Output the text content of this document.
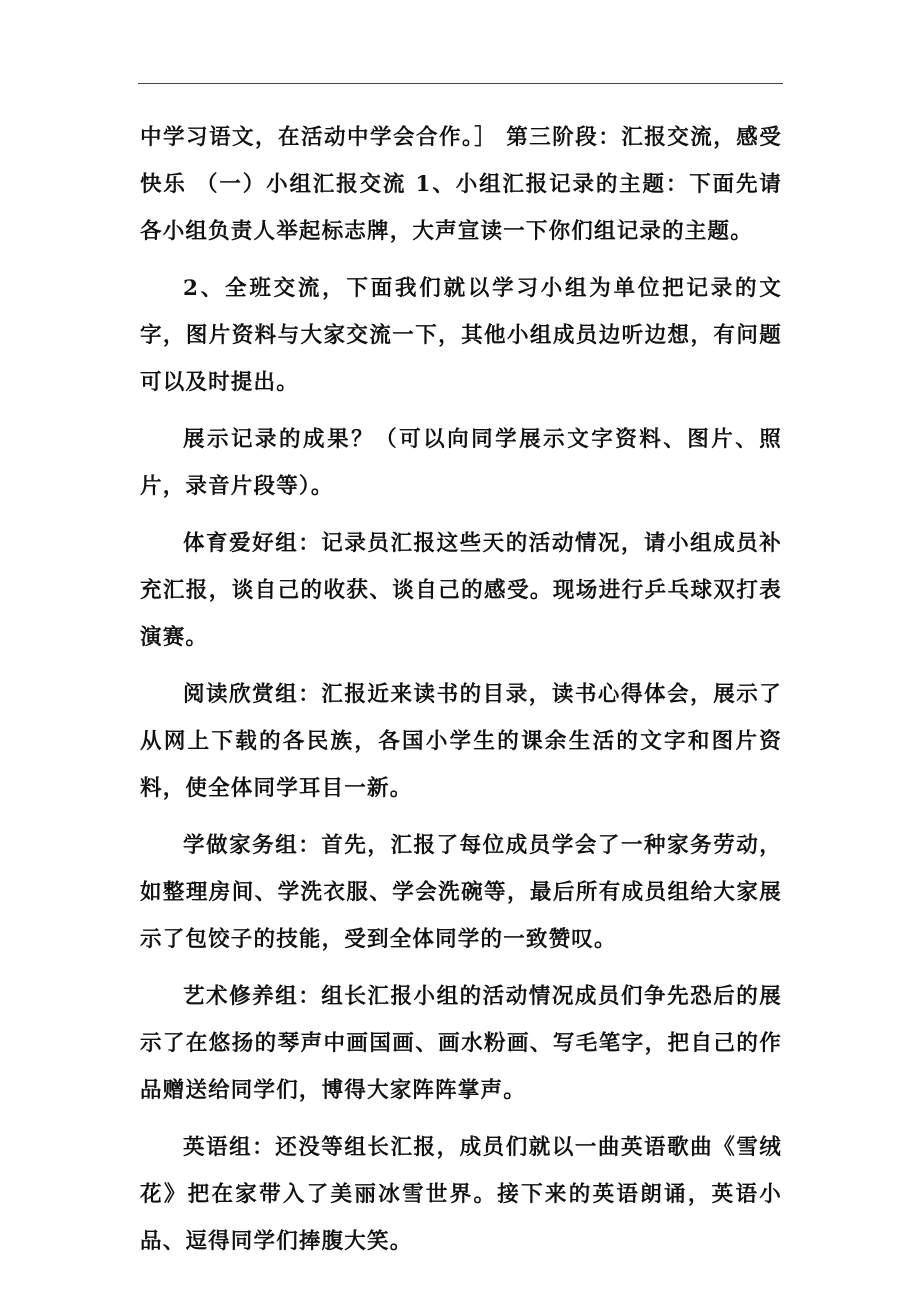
中学习语文，在活动中学会合作。］ 第三阶段：汇报交流，感受快乐 （一）小组汇报交流 1、小组汇报记录的主题：下面先请各小组负责人举起标志牌，大声宣读一下你们组记录的主题。

2、全班交流，下面我们就以学习小组为单位把记录的文字，图片资料与大家交流一下，其他小组成员边听边想，有问题可以及时提出。

展示记录的成果？（可以向同学展示文字资料、图片、照片，录音片段等）。

体育爱好组：记录员汇报这些天的活动情况，请小组成员补充汇报，谈自己的收获、谈自己的感受。现场进行乒乓球双打表演赛。

阅读欣赏组：汇报近来读书的目录，读书心得体会，展示了从网上下载的各民族，各国小学生的课余生活的文字和图片资料，使全体同学耳目一新。

学做家务组：首先，汇报了每位成员学会了一种家务劳动，如整理房间、学洗衣服、学会洗碗等，最后所有成员组给大家展示了包饺子的技能，受到全体同学的一致赞叹。

艺术修养组：组长汇报小组的活动情况成员们争先恐后的展示了在悠扬的琴声中画国画、画水粉画、写毛笔字，把自己的作品赠送给同学们，博得大家阵阵掌声。

英语组：还没等组长汇报，成员们就以一曲英语歌曲《雪绒花》把在家带入了美丽冰雪世界。接下来的英语朗诵，英语小品、逗得同学们捧腹大笑。
